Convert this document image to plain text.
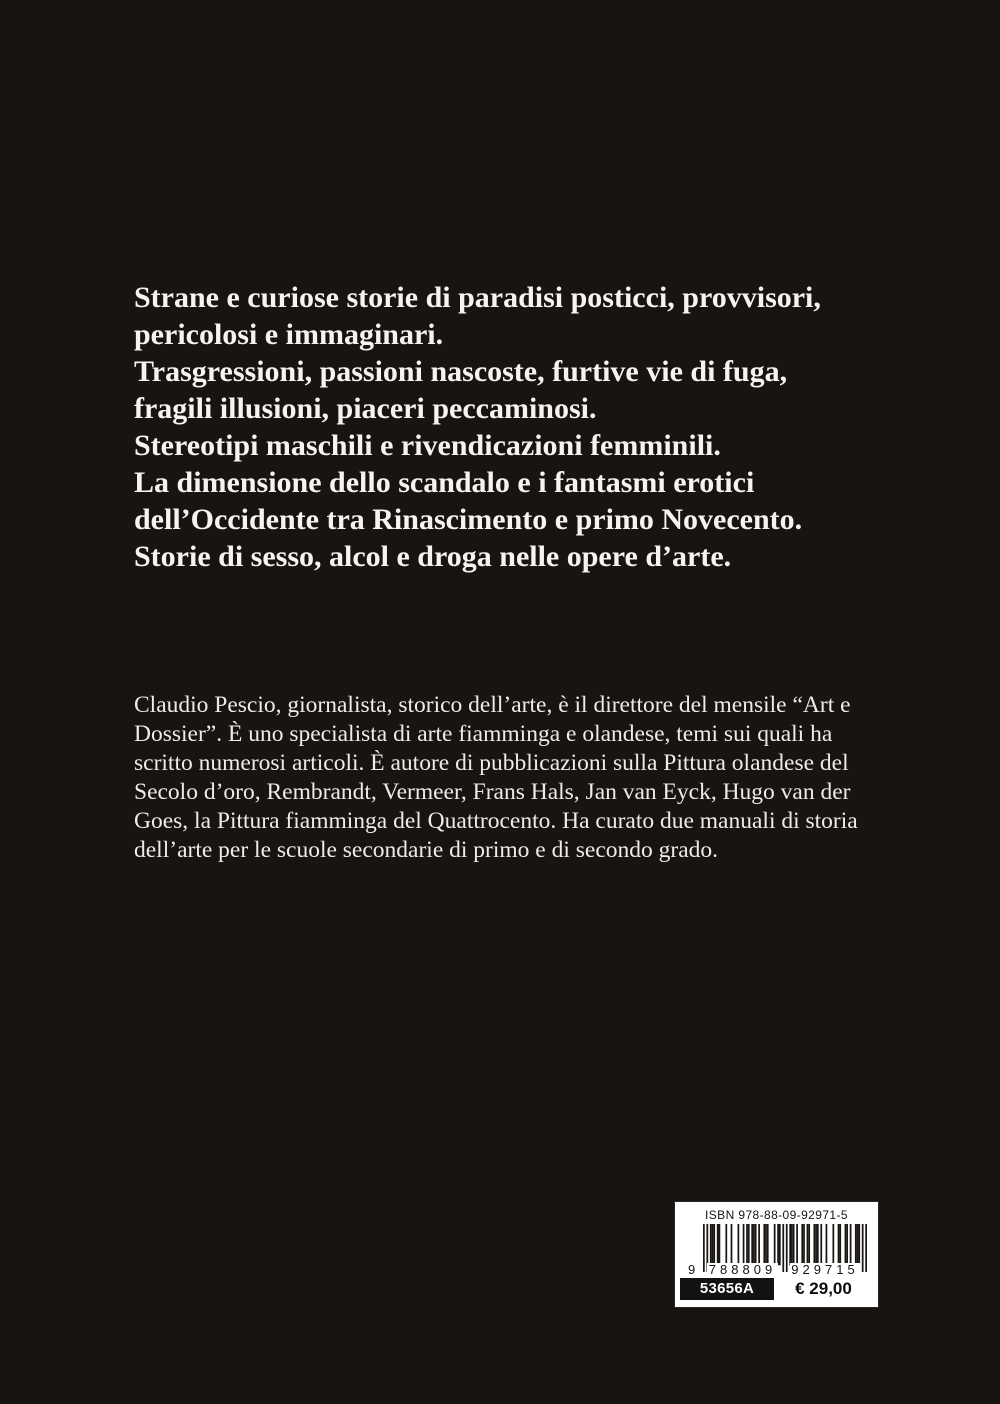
Strane e curiose storie di paradisi posticci, provvisori,
pericolosi e immaginari.
Trasgressioni, passioni nascoste, furtive vie di fuga,
fragili illusioni, piaceri peccaminosi.
Stereotipi maschili e rivendicazioni femminili.
La dimensione dello scandalo e i fantasmi erotici
dell’Occidente tra Rinascimento e primo Novecento.
Storie di sesso, alcol e droga nelle opere d’arte.
Claudio Pescio, giornalista, storico dell’arte, è il direttore del mensile “Art e
Dossier”. È uno specialista di arte fiamminga e olandese, temi sui quali ha
scritto numerosi articoli. È autore di pubblicazioni sulla Pittura olandese del
Secolo d’oro, Rembrandt, Vermeer, Frans Hals, Jan van Eyck, Hugo van der
Goes, la Pittura fiamminga del Quattrocento. Ha curato due manuali di storia
dell’arte per le scuole secondarie di primo e di secondo grado.
ISBN 978-88-09-92971-5
9 788809 929715
53656A	€ 29,00
